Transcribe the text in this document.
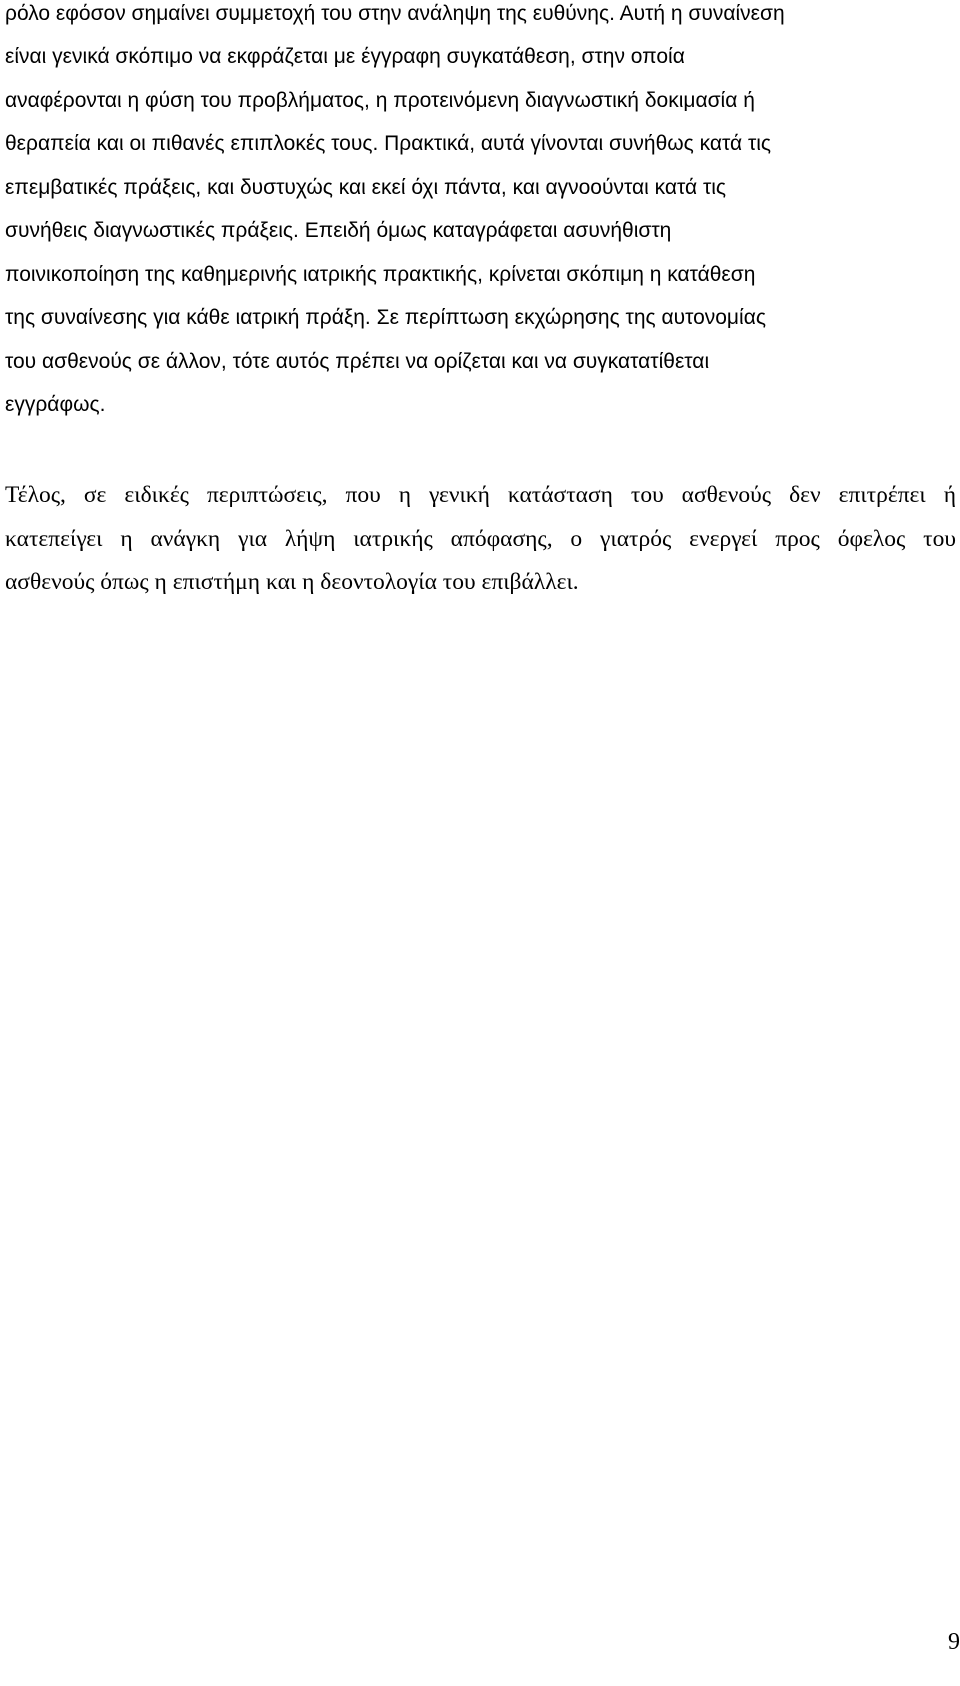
ρόλο εφόσον σημαίνει συμμετοχή του στην ανάληψη της ευθύνης. Αυτή η συναίνεση
είναι γενικά σκόπιμο να εκφράζεται με έγγραφη συγκατάθεση, στην οποία
αναφέρονται η φύση του προβλήματος, η προτεινόμενη διαγνωστική δοκιμασία ή
θεραπεία και οι πιθανές επιπλοκές τους. Πρακτικά, αυτά γίνονται συνήθως κατά τις
επεμβατικές πράξεις, και δυστυχώς και εκεί όχι πάντα, και αγνοούνται κατά τις
συνήθεις διαγνωστικές πράξεις. Επειδή όμως καταγράφεται ασυνήθιστη
ποινικοποίηση της καθημερινής ιατρικής πρακτικής, κρίνεται σκόπιμη η κατάθεση
της συναίνεσης για κάθε ιατρική πράξη. Σε περίπτωση εκχώρησης της αυτονομίας
του ασθενούς σε άλλον, τότε αυτός πρέπει να ορίζεται και να συγκατατίθεται
εγγράφως.
Τέλος, σε ειδικές περιπτώσεις, που η γενική κατάσταση του ασθενούς δεν επιτρέπει ή
κατεπείγει η ανάγκη για λήψη ιατρικής απόφασης, ο γιατρός ενεργεί προς όφελος του
ασθενούς όπως η επιστήμη και η δεοντολογία του επιβάλλει.
9
